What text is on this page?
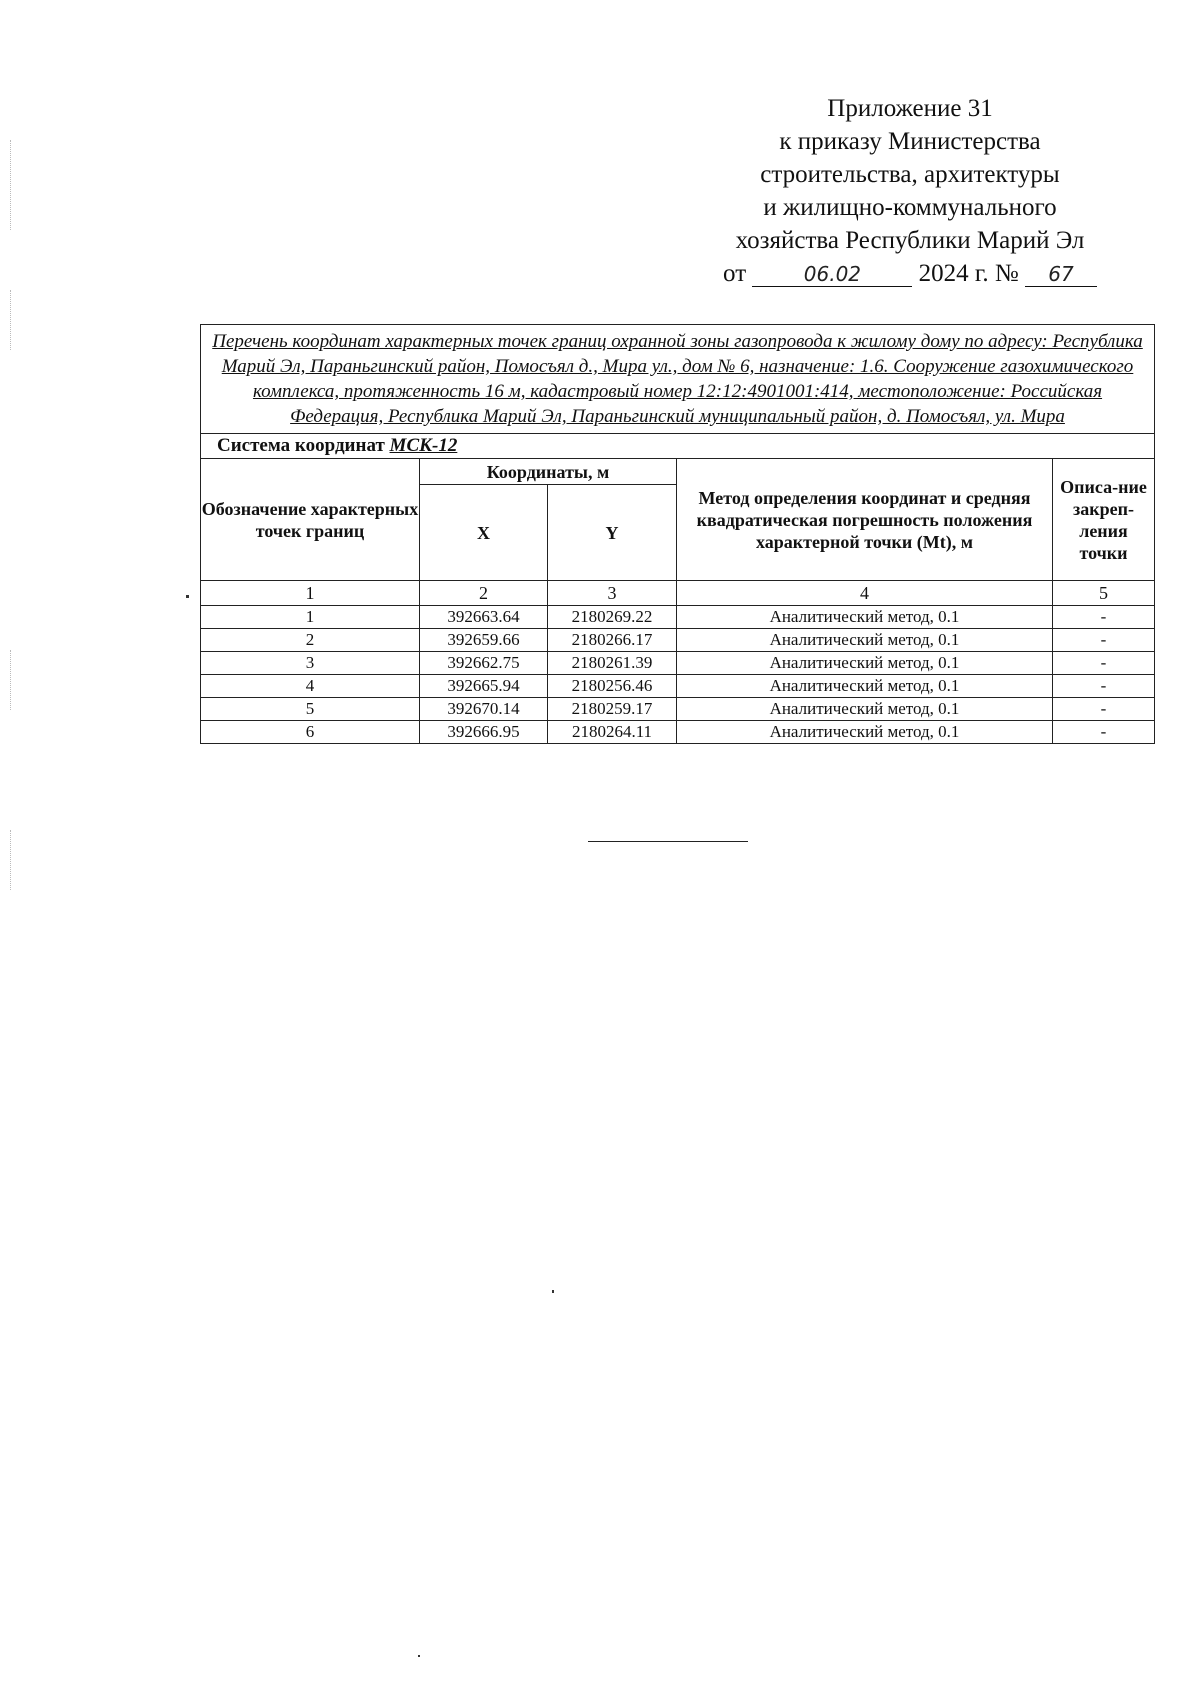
Приложение 31
к приказу Министерства
строительства, архитектуры
и жилищно-коммунального
хозяйства Республики Марий Эл
от	06.02 2024 г. № 67
Перечень координат характерных точек границ охранной зоны газопровода к жилому дому по адресу: Республика Марий Эл, Параньгинский район, Помосъял д., Мира ул., дом № 6, назначение: 1.6. Сооружение газохимического комплекса, протяженность 16 м, кадастровый номер 12:12:4901001:414, местоположение: Российская Федерация, Республика Марий Эл, Параньгинский муниципальный район, д. Помосъял, ул. Мира				
Система координат МСК-12				
Обозначение характерных точек границ	Координаты, м		Метод определения координат и средняя квадратическая погрешность положения характерной точки (Mt), м	Описа-ние закреп-ления точки
	X	Y		
1	2	3	4	5
1	392663.64	2180269.22	Аналитический метод, 0.1	-
2	392659.66	2180266.17	Аналитический метод, 0.1	-
3	392662.75	2180261.39	Аналитический метод, 0.1	-
4	392665.94	2180256.46	Аналитический метод, 0.1	-
5	392670.14	2180259.17	Аналитический метод, 0.1	-
6	392666.95	2180264.11	Аналитический метод, 0.1	-
